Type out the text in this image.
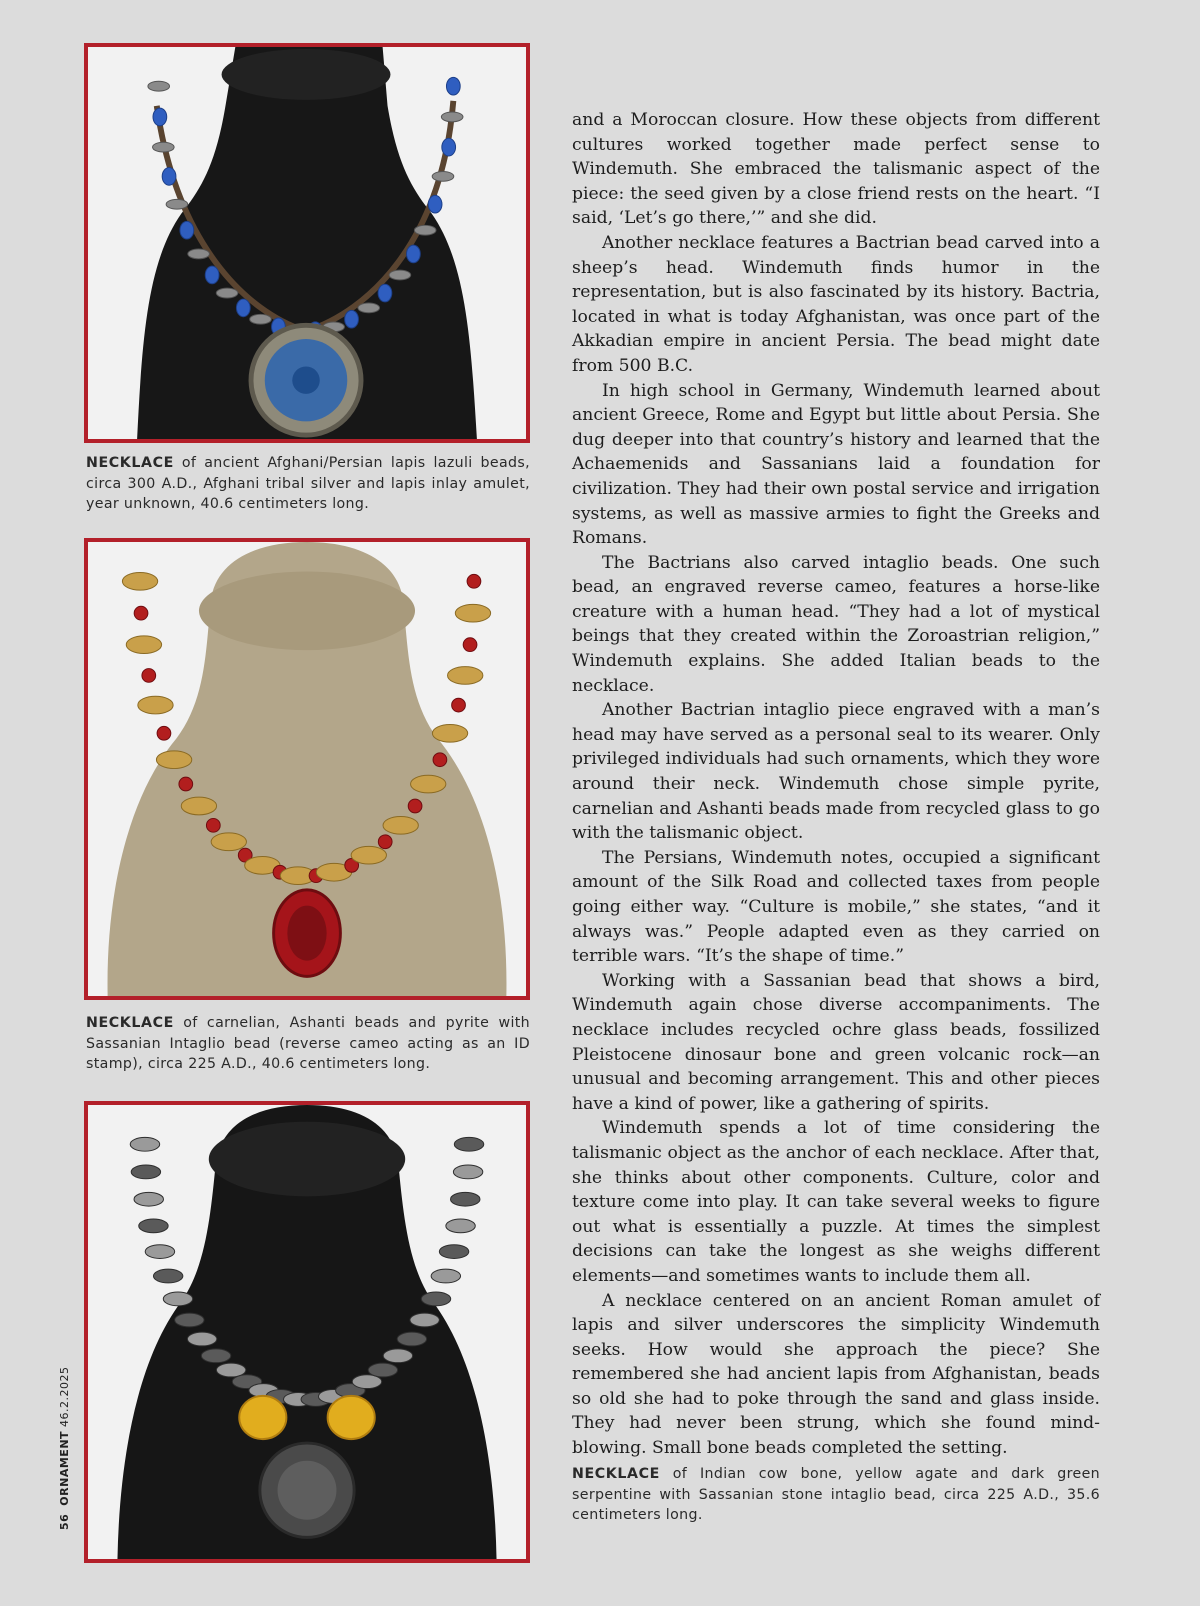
NECKLACE of ancient Afghani/Persian lapis lazuli beads, circa 300 A.D., Afghani tribal silver and lapis inlay amulet, year unknown, 40.6 centimeters long.
NECKLACE of carnelian, Ashanti beads and pyrite with Sassanian Intaglio bead (reverse cameo acting as an ID stamp), circa 225 A.D., 40.6 centimeters long.
56  ORNAMENT 46.2.2025

and a Moroccan closure. How these objects from different cultures worked together made perfect sense to Windemuth. She embraced the talismanic aspect of the piece: the seed given by a close friend rests on the heart. “I said, ‘Let’s go there,’” and she did.

Another necklace features a Bactrian bead carved into a sheep’s head. Windemuth finds humor in the representation, but is also fascinated by its history. Bactria, located in what is today Afghanistan, was once part of the Akkadian empire in ancient Persia. The bead might date from 500 B.C.

In high school in Germany, Windemuth learned about ancient Greece, Rome and Egypt but little about Persia. She dug deeper into that country’s history and learned that the Achaemenids and Sassanians laid a foundation for civilization. They had their own postal service and irrigation systems, as well as massive armies to fight the Greeks and Romans.

The Bactrians also carved intaglio beads. One such bead, an engraved reverse cameo, features a horse-like creature with a human head. “They had a lot of mystical beings that they created within the Zoroastrian religion,” Windemuth explains. She added Italian beads to the necklace.

Another Bactrian intaglio piece engraved with a man’s head may have served as a personal seal to its wearer. Only privileged individuals had such ornaments, which they wore around their neck. Windemuth chose simple pyrite, carnelian and Ashanti beads made from recycled glass to go with the talismanic object.

The Persians, Windemuth notes, occupied a significant amount of the Silk Road and collected taxes from people going either way. “Culture is mobile,” she states, “and it always was.” People adapted even as they carried on terrible wars. “It’s the shape of time.”

Working with a Sassanian bead that shows a bird, Windemuth again chose diverse accompaniments. The necklace includes recycled ochre glass beads, fossilized Pleistocene dinosaur bone and green volcanic rock—an unusual and becoming arrangement. This and other pieces have a kind of power, like a gathering of spirits.

Windemuth spends a lot of time considering the talismanic object as the anchor of each necklace. After that, she thinks about other components. Culture, color and texture come into play. It can take several weeks to figure out what is essentially a puzzle. At times the simplest decisions can take the longest as she weighs different elements—and sometimes wants to include them all.

A necklace centered on an ancient Roman amulet of lapis and silver underscores the simplicity Windemuth seeks. How would she approach the piece? She remembered she had ancient lapis from Afghanistan, beads so old she had to poke through the sand and glass inside. They had never been strung, which she found mind-blowing. Small bone beads completed the setting.

NECKLACE of Indian cow bone, yellow agate and dark green serpentine with Sassanian stone intaglio bead, circa 225 A.D., 35.6 centimeters long.
